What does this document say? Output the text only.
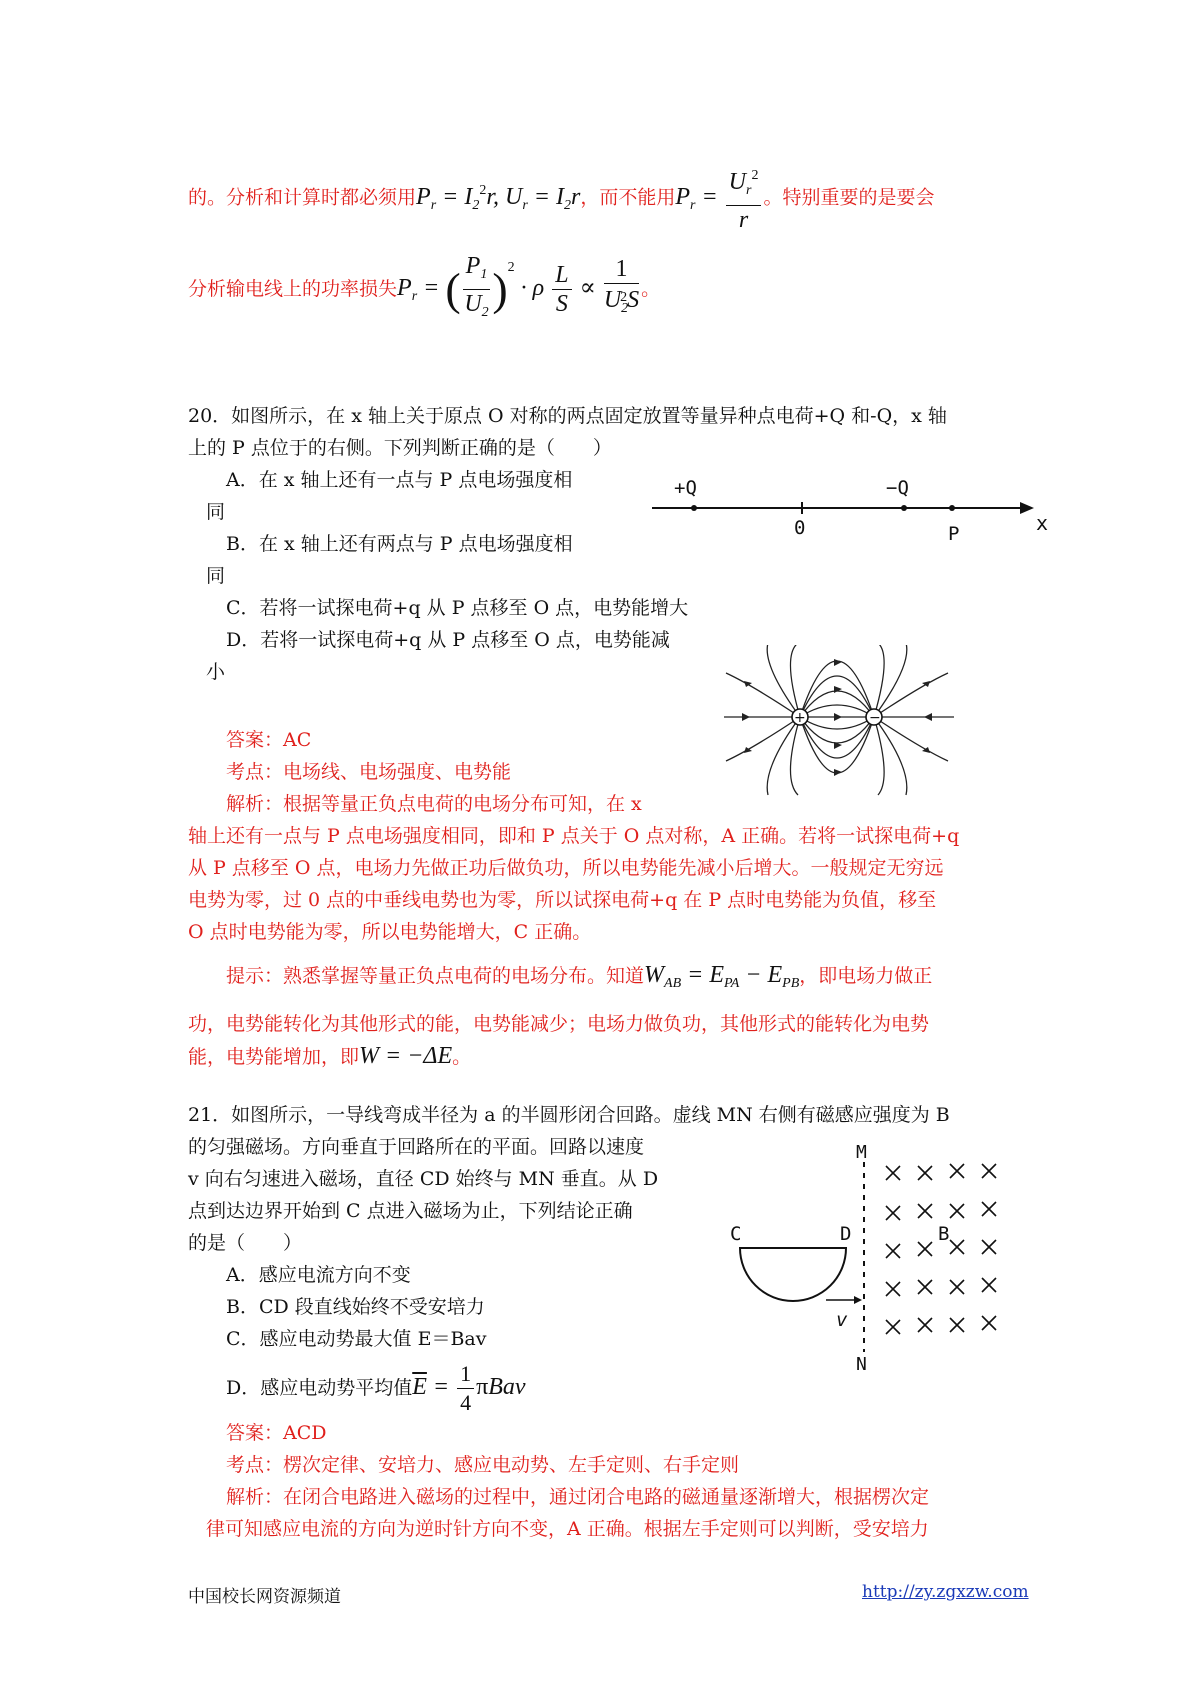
的。分析和计算时都必须用$P_r = I_2^2r$, $U_r = I_2r$，而不能用$P_r = \frac{U_r^2}{r}$ 。特别重要的是要会
分析输电线上的功率损失$P_r$ = ( $\frac{P_1}{U_2} )^2 \cdot \rho \frac{L}{S} \propto \frac{1}{U_2^2S}$ 。
20．如图所示，在 x 轴上关于原点 O 对称的两点固定放置等量异种点电荷+Q 和-Q，x 轴
上的 P 点位于的右侧。下列判断正确的是（　　）
A．在 x 轴上还有一点与 P 点电场强度相
同
B．在 x 轴上还有两点与 P 点电场强度相
同
C．若将一试探电荷+q 从 P 点移至 O 点，电势能增大
D．若将一试探电荷+q 从 P 点移至 O 点，电势能减
小
+Q
0
−Q
P	x
+	−
答案：AC
考点：电场线、电场强度、电势能
解析：根据等量正负点电荷的电场分布可知，在 x
轴上还有一点与 P 点电场强度相同，即和 P 点关于 O 点对称，A 正确。若将一试探电荷+q
从 P 点移至 O 点，电场力先做正功后做负功，所以电势能先减小后增大。一般规定无穷远
电势为零，过 0 点的中垂线电势也为零，所以试探电荷+q 在 P 点时电势能为负值，移至
O 点时电势能为零，所以电势能增大，C 正确。
提示：熟悉掌握等量正负点电荷的电场分布。知道$W_{AB} = E_{PA} - E_{PB}$，即电场力做正
功，电势能转化为其他形式的能，电势能减少；电场力做负功，其他形式的能转化为电势
能，电势能增加，即W = −ΔE。
21．如图所示，一导线弯成半径为 a 的半圆形闭合回路。虚线 MN 右侧有磁感应强度为 B
的匀强磁场。方向垂直于回路所在的平面。回路以速度
v 向右匀速进入磁场，直径 CD 始终与 MN 垂直。从 D
点到达边界开始到 C 点进入磁场为止，下列结论正确
的是（　　）
A．感应电流方向不变
B．CD 段直线始终不受安培力
C．感应电动势最大值 E＝Bav
D．感应电动势平均值$\overline{E} = \frac{1}{4}$ πBav
M
N
C	D
v
B
答案：ACD
考点：楞次定律、安培力、感应电动势、左手定则、右手定则
解析：在闭合电路进入磁场的过程中，通过闭合电路的磁通量逐渐增大，根据楞次定
律可知感应电流的方向为逆时针方向不变，A 正确。根据左手定则可以判断，受安培力
中国校长网资源频道	http://zy.zgxzw.com
